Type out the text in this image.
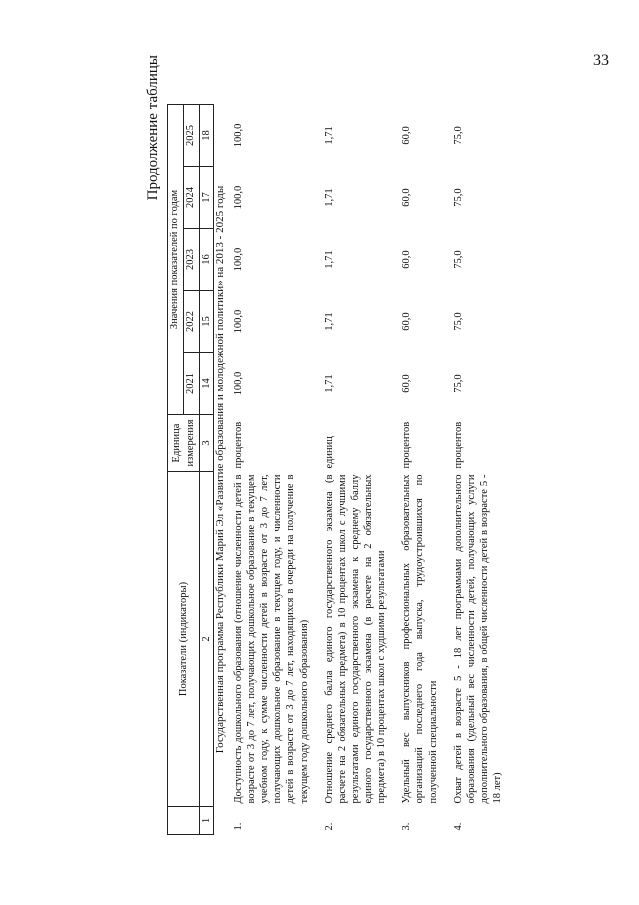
33
Продолжение таблицы
	Показатели (индикаторы)	Единица измерения	Значения показателей по годам				
			2021	2022	2023	2024	2025
1	2	3	14	15	16	17	18
Государственная программа Республики Марий Эл «Развитие образования и молодежной политики» на 2013 - 2025 годы							
1.	Доступность дошкольного образования (отношение численности детей в возрасте от 3 до 7 лет, получающих дошкольное образование в текущем учебном году, к сумме численности детей в возрасте от 3 до 7 лет, получающих дошкольное образование в текущем году, и численности детей в возрасте от 3 до 7 лет, находящихся в очереди на получение в текущем году дошкольного образования)	процентов	100,0	100,0	100,0	100,0	100,0
2.	Отношение среднего балла единого государственного экзамена (в расчете на 2 обязательных предмета) в 10 процентах школ с лучшими результатами единого государственного экзамена к среднему баллу единого государственного экзамена (в расчете на 2 обязательных предмета) в 10 процентах школ с худшими результатами	единиц	1,71	1,71	1,71	1,71	1,71
3.	Удельный вес выпускников профессиональных образовательных организаций последнего года выпуска, трудоустроившихся по полученной специальности	процентов	60,0	60,0	60,0	60,0	60,0
4.	Охват детей в возрасте 5 - 18 лет программами дополнительного образования (удельный вес численности детей, получающих услуги дополнительного образования, в общей численности детей в возрасте 5 - 18 лет)	процентов	75,0	75,0	75,0	75,0	75,0
